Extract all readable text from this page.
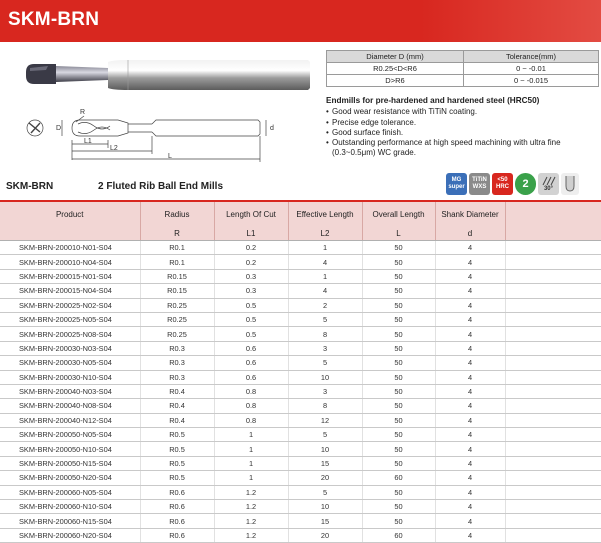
SKM-BRN
R
D	d
L1
L2
L
Diameter D (mm)	Tolerance(mm)
R0.25<D<R6	0 ~ -0.01
D>R6	0 ~ -0.015
Endmills for pre-hardened and hardened steel (HRC50)
• Good wear resistance with TiTiN coating.
• Precise edge tolerance.
• Good surface finish.
• Outstanding performance at high speed machining with ultra fine (0.3~0.5μm) WC grade.
SKM-BRN	2 Fluted Rib Ball End Mills
MG
super
TiTiN
WXS
<50
HRC	2	30°
Product	Radius	Length Of Cut	Effective Length	Overall Length	Shank Diameter	
	R	L1	L2	L	d	
SKM-BRN-200010-N01-S04	R0.1	0.2	1	50	4	
SKM-BRN-200010-N04-S04	R0.1	0.2	4	50	4	
SKM-BRN-200015-N01-S04	R0.15	0.3	1	50	4	
SKM-BRN-200015-N04-S04	R0.15	0.3	4	50	4	
SKM-BRN-200025-N02-S04	R0.25	0.5	2	50	4	
SKM-BRN-200025-N05-S04	R0.25	0.5	5	50	4	
SKM-BRN-200025-N08-S04	R0.25	0.5	8	50	4	
SKM-BRN-200030-N03-S04	R0.3	0.6	3	50	4	
SKM-BRN-200030-N05-S04	R0.3	0.6	5	50	4	
SKM-BRN-200030-N10-S04	R0.3	0.6	10	50	4	
SKM-BRN-200040-N03-S04	R0.4	0.8	3	50	4	
SKM-BRN-200040-N08-S04	R0.4	0.8	8	50	4	
SKM-BRN-200040-N12-S04	R0.4	0.8	12	50	4	
SKM-BRN-200050-N05-S04	R0.5	1	5	50	4	
SKM-BRN-200050-N10-S04	R0.5	1	10	50	4	
SKM-BRN-200050-N15-S04	R0.5	1	15	50	4	
SKM-BRN-200050-N20-S04	R0.5	1	20	60	4	
SKM-BRN-200060-N05-S04	R0.6	1.2	5	50	4	
SKM-BRN-200060-N10-S04	R0.6	1.2	10	50	4	
SKM-BRN-200060-N15-S04	R0.6	1.2	15	50	4	
SKM-BRN-200060-N20-S04	R0.6	1.2	20	60	4	
